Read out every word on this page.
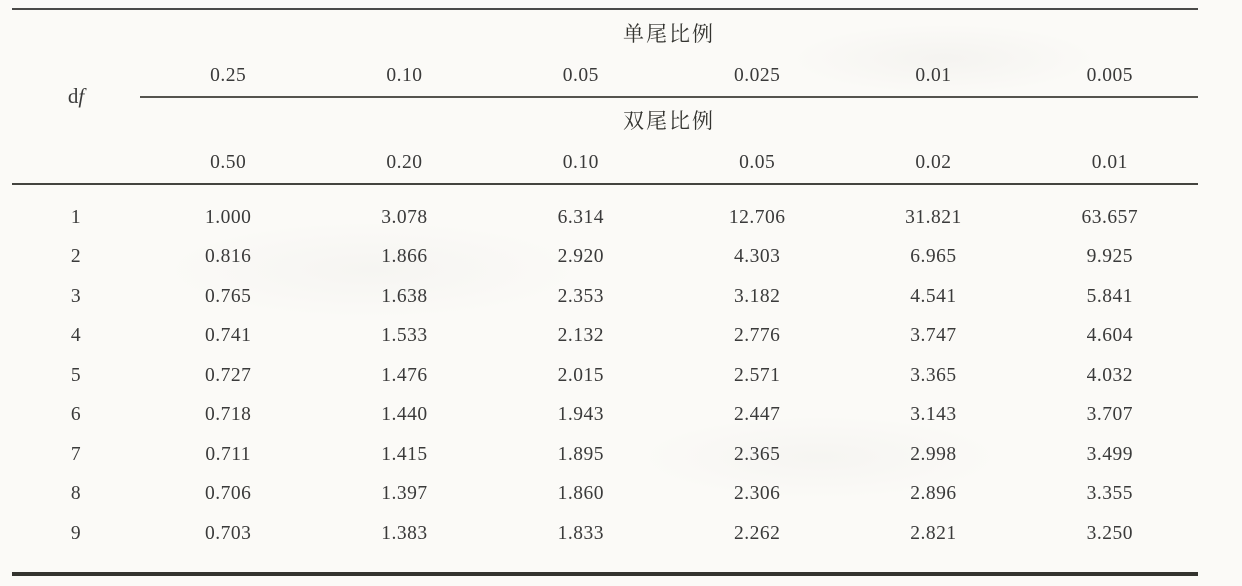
d f
单尾比例
0.25	0.10	0.05	0.025	0.01	0.005
双尾比例
0.50	0.20	0.10	0.05	0.02	0.01
1	1.000	3.078	6.314	12.706	31.821	63.657
2	0.816	1.866	2.920	4.303	6.965	9.925
3	0.765	1.638	2.353	3.182	4.541	5.841
4	0.741	1.533	2.132	2.776	3.747	4.604
5	0.727	1.476	2.015	2.571	3.365	4.032
6	0.718	1.440	1.943	2.447	3.143	3.707
7	0.711	1.415	1.895	2.365	2.998	3.499
8	0.706	1.397	1.860	2.306	2.896	3.355
9	0.703	1.383	1.833	2.262	2.821	3.250
